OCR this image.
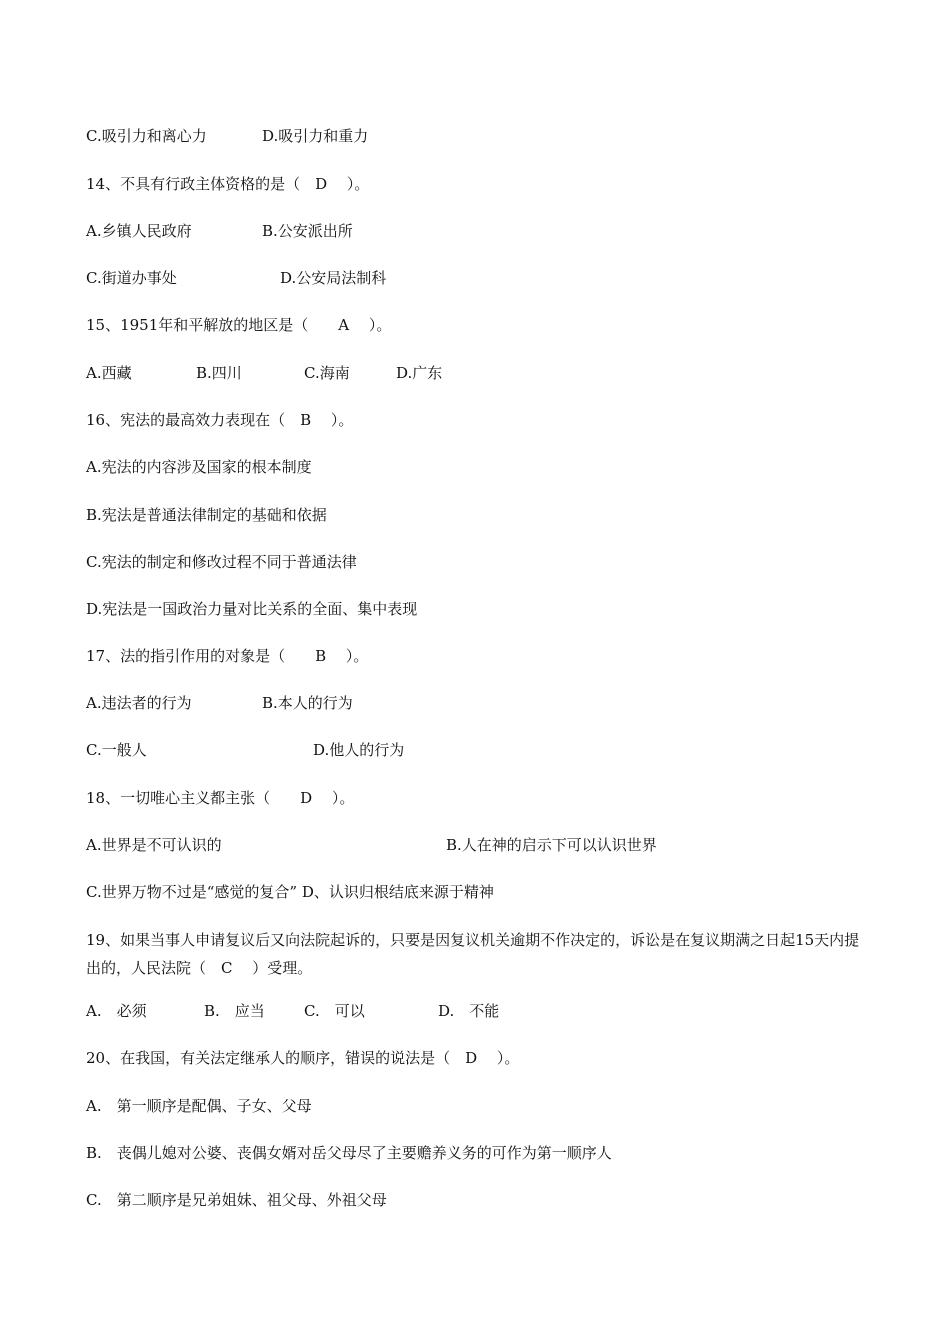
C.吸引力和离心力	D.吸引力和重力
14、不具有行政主体资格的是（　D　 ）。
A.乡镇人民政府	B.公安派出所
C.街道办事处	D.公安局法制科
15、1951年和平解放的地区是（　　A　 ）。
A.西藏	B.四川	C.海南	D.广东
16、宪法的最高效力表现在（　B　 ）。
A.宪法的内容涉及国家的根本制度
B.宪法是普通法律制定的基础和依据
C.宪法的制定和修改过程不同于普通法律
D.宪法是一国政治力量对比关系的全面、集中表现
17、法的指引作用的对象是（　　B　 ）。
A.违法者的行为	B.本人的行为
C.一般人	D.他人的行为
18、一切唯心主义都主张（　　D　 ）。
A.世界是不可认识的	B.人在神的启示下可以认识世界
C.世界万物不过是“感觉的复合” D、认识归根结底来源于精神
19、如果当事人申请复议后又向法院起诉的，只要是因复议机关逾期不作决定的，诉讼是在复议期满之日起15天内提出的，人民法院（　C　 ）受理。
A.　必须	B.　应当	C.　可以	D.　不能
20、在我国，有关法定继承人的顺序，错误的说法是（　D　 ）。
A.　第一顺序是配偶、子女、父母
B.　丧偶儿媳对公婆、丧偶女婿对岳父母尽了主要赡养义务的可作为第一顺序人
C.　第二顺序是兄弟姐妹、祖父母、外祖父母
